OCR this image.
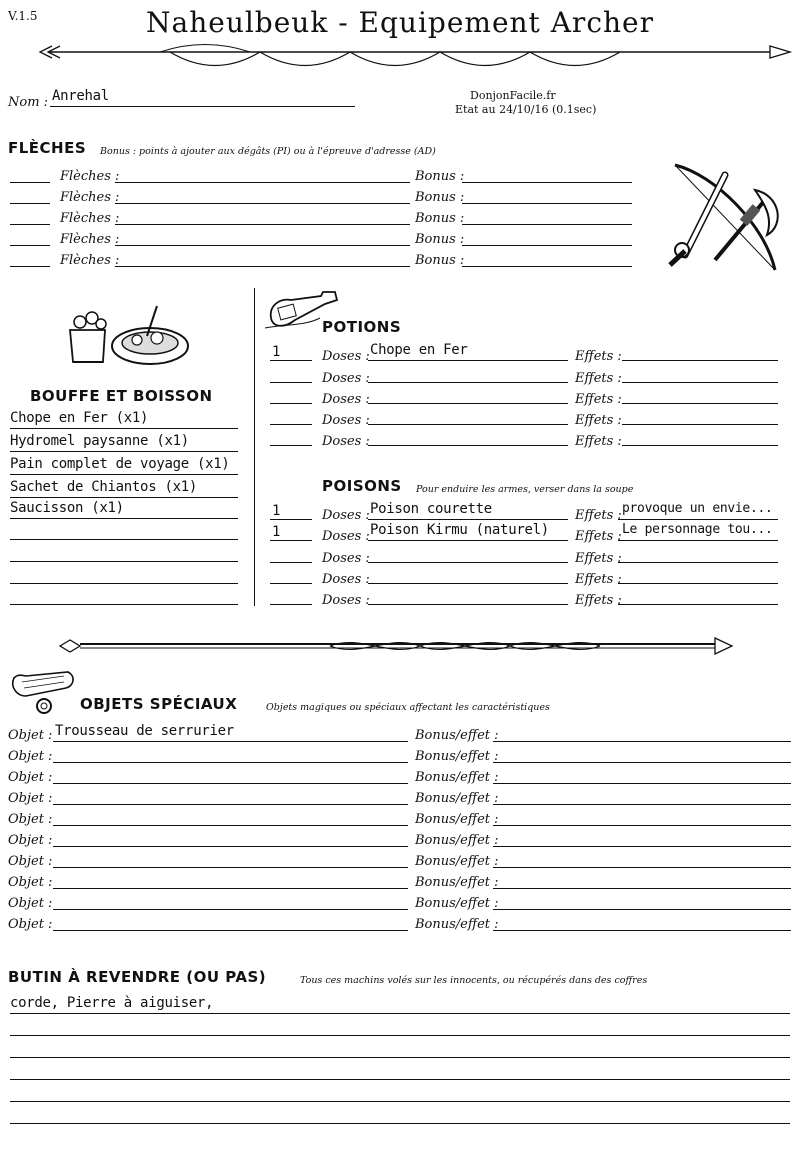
V.1.5	Naheulbeuk - Equipement Archer
Nom : Anrehal	DonjonFacile.fr
Etat au 24/10/16 (0.1sec)
FLÈCHES Bonus : points à ajouter aux dégâts (PI) ou à l'épreuve d'adresse (AD)
Flèches :	Bonus :
Flèches :	Bonus :
Flèches :	Bonus :
Flèches :	Bonus :
Flèches :	Bonus :
BOUFFE ET BOISSON
Chope en Fer (x1)
Hydromel paysanne (x1)
Pain complet de voyage (x1)
Sachet de Chiantos (x1)
Saucisson (x1)
POTIONS
1	Doses : Chope en Fer	Effets :
Doses :	Effets :
Doses :	Effets :
Doses :	Effets :
Doses :	Effets :
POISONS Pour enduire les armes, verser dans la soupe
1	Doses : Poison courette	Effets : provoque un envie...
1	Doses : Poison Kirmu (naturel) Effets : Le personnage tou...
Doses :	Effets :
Doses :	Effets :
Doses :	Effets :
OBJETS SPÉCIAUX	Objets magiques ou spéciaux affectant les caractéristiques
Objet : Trousseau de serrurier	Bonus/effet :
Objet :	Bonus/effet :
Objet :	Bonus/effet :
Objet :	Bonus/effet :
Objet :	Bonus/effet :
Objet :	Bonus/effet :
Objet :	Bonus/effet :
Objet :	Bonus/effet :
Objet :	Bonus/effet :
Objet :	Bonus/effet :
BUTIN À REVENDRE (OU PAS)	Tous ces machins volés sur les innocents, ou récupérés dans des coffres
corde, Pierre à aiguiser,
